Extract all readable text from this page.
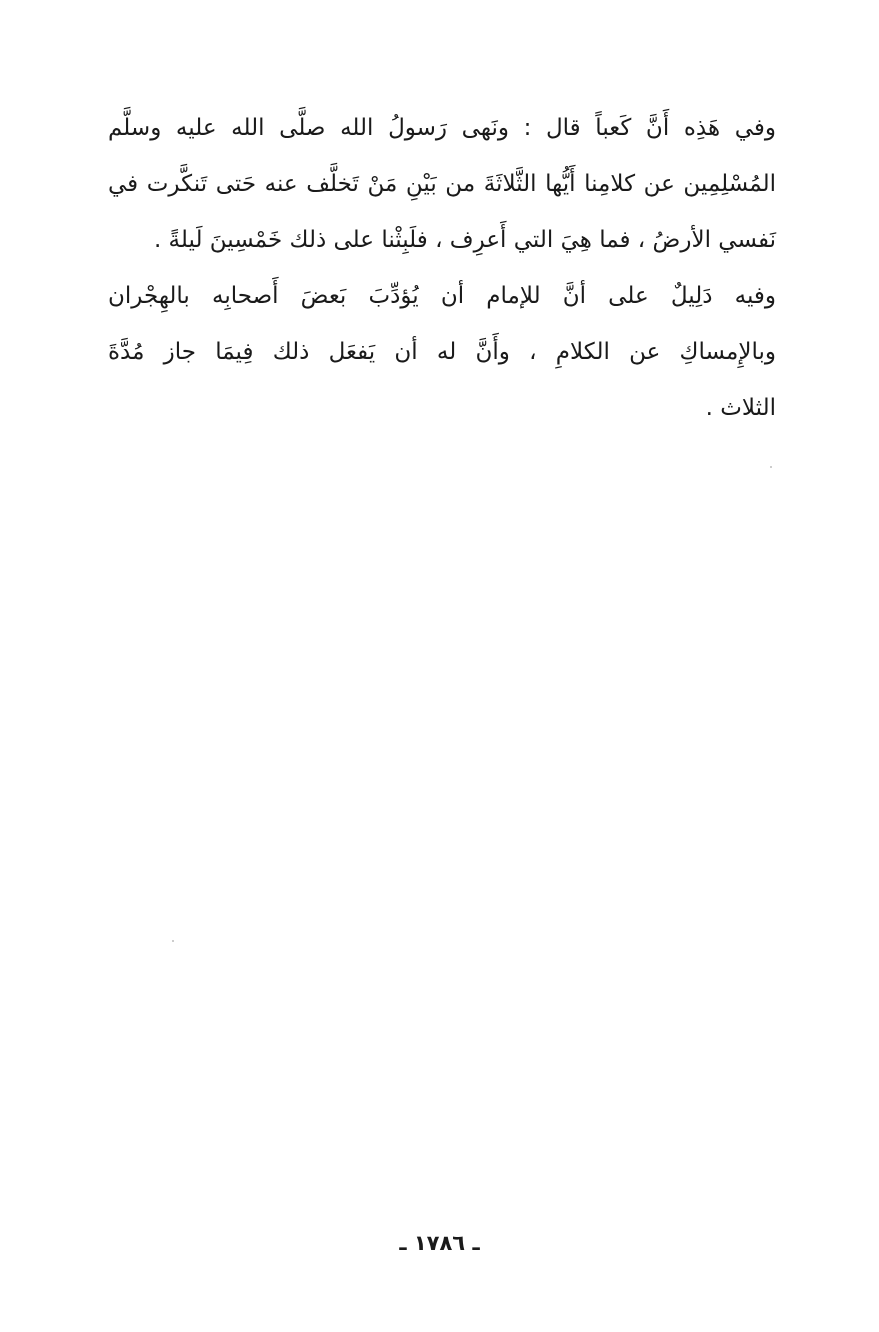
وفي هَذِه أَنَّ كَعباً قال : ونَهى رَسولُ الله صلَّى الله عليه وسلَّم
المُسْلِمِين عن كلامِنا أَيُّها الثَّلاثَةَ من بَيْنِ مَنْ تَخلَّف عنه حَتى تَنكَّرت في
نَفسي الأرضُ ، فما هِيَ التي أَعرِف ، فلَبِثْنا على ذلك خَمْسِينَ لَيلةً .
وفيه دَلِيلٌ على أنَّ للإمام أن يُؤدِّبَ بَعضَ أَصحابِه بالهِجْران
وبالإِمساكِ عن الكلامِ ، وأَنَّ له أن يَفعَل ذلك فِيمَا جاز مُدَّةَ
الثلاث .
ـ ١٧٨٦ ـ
